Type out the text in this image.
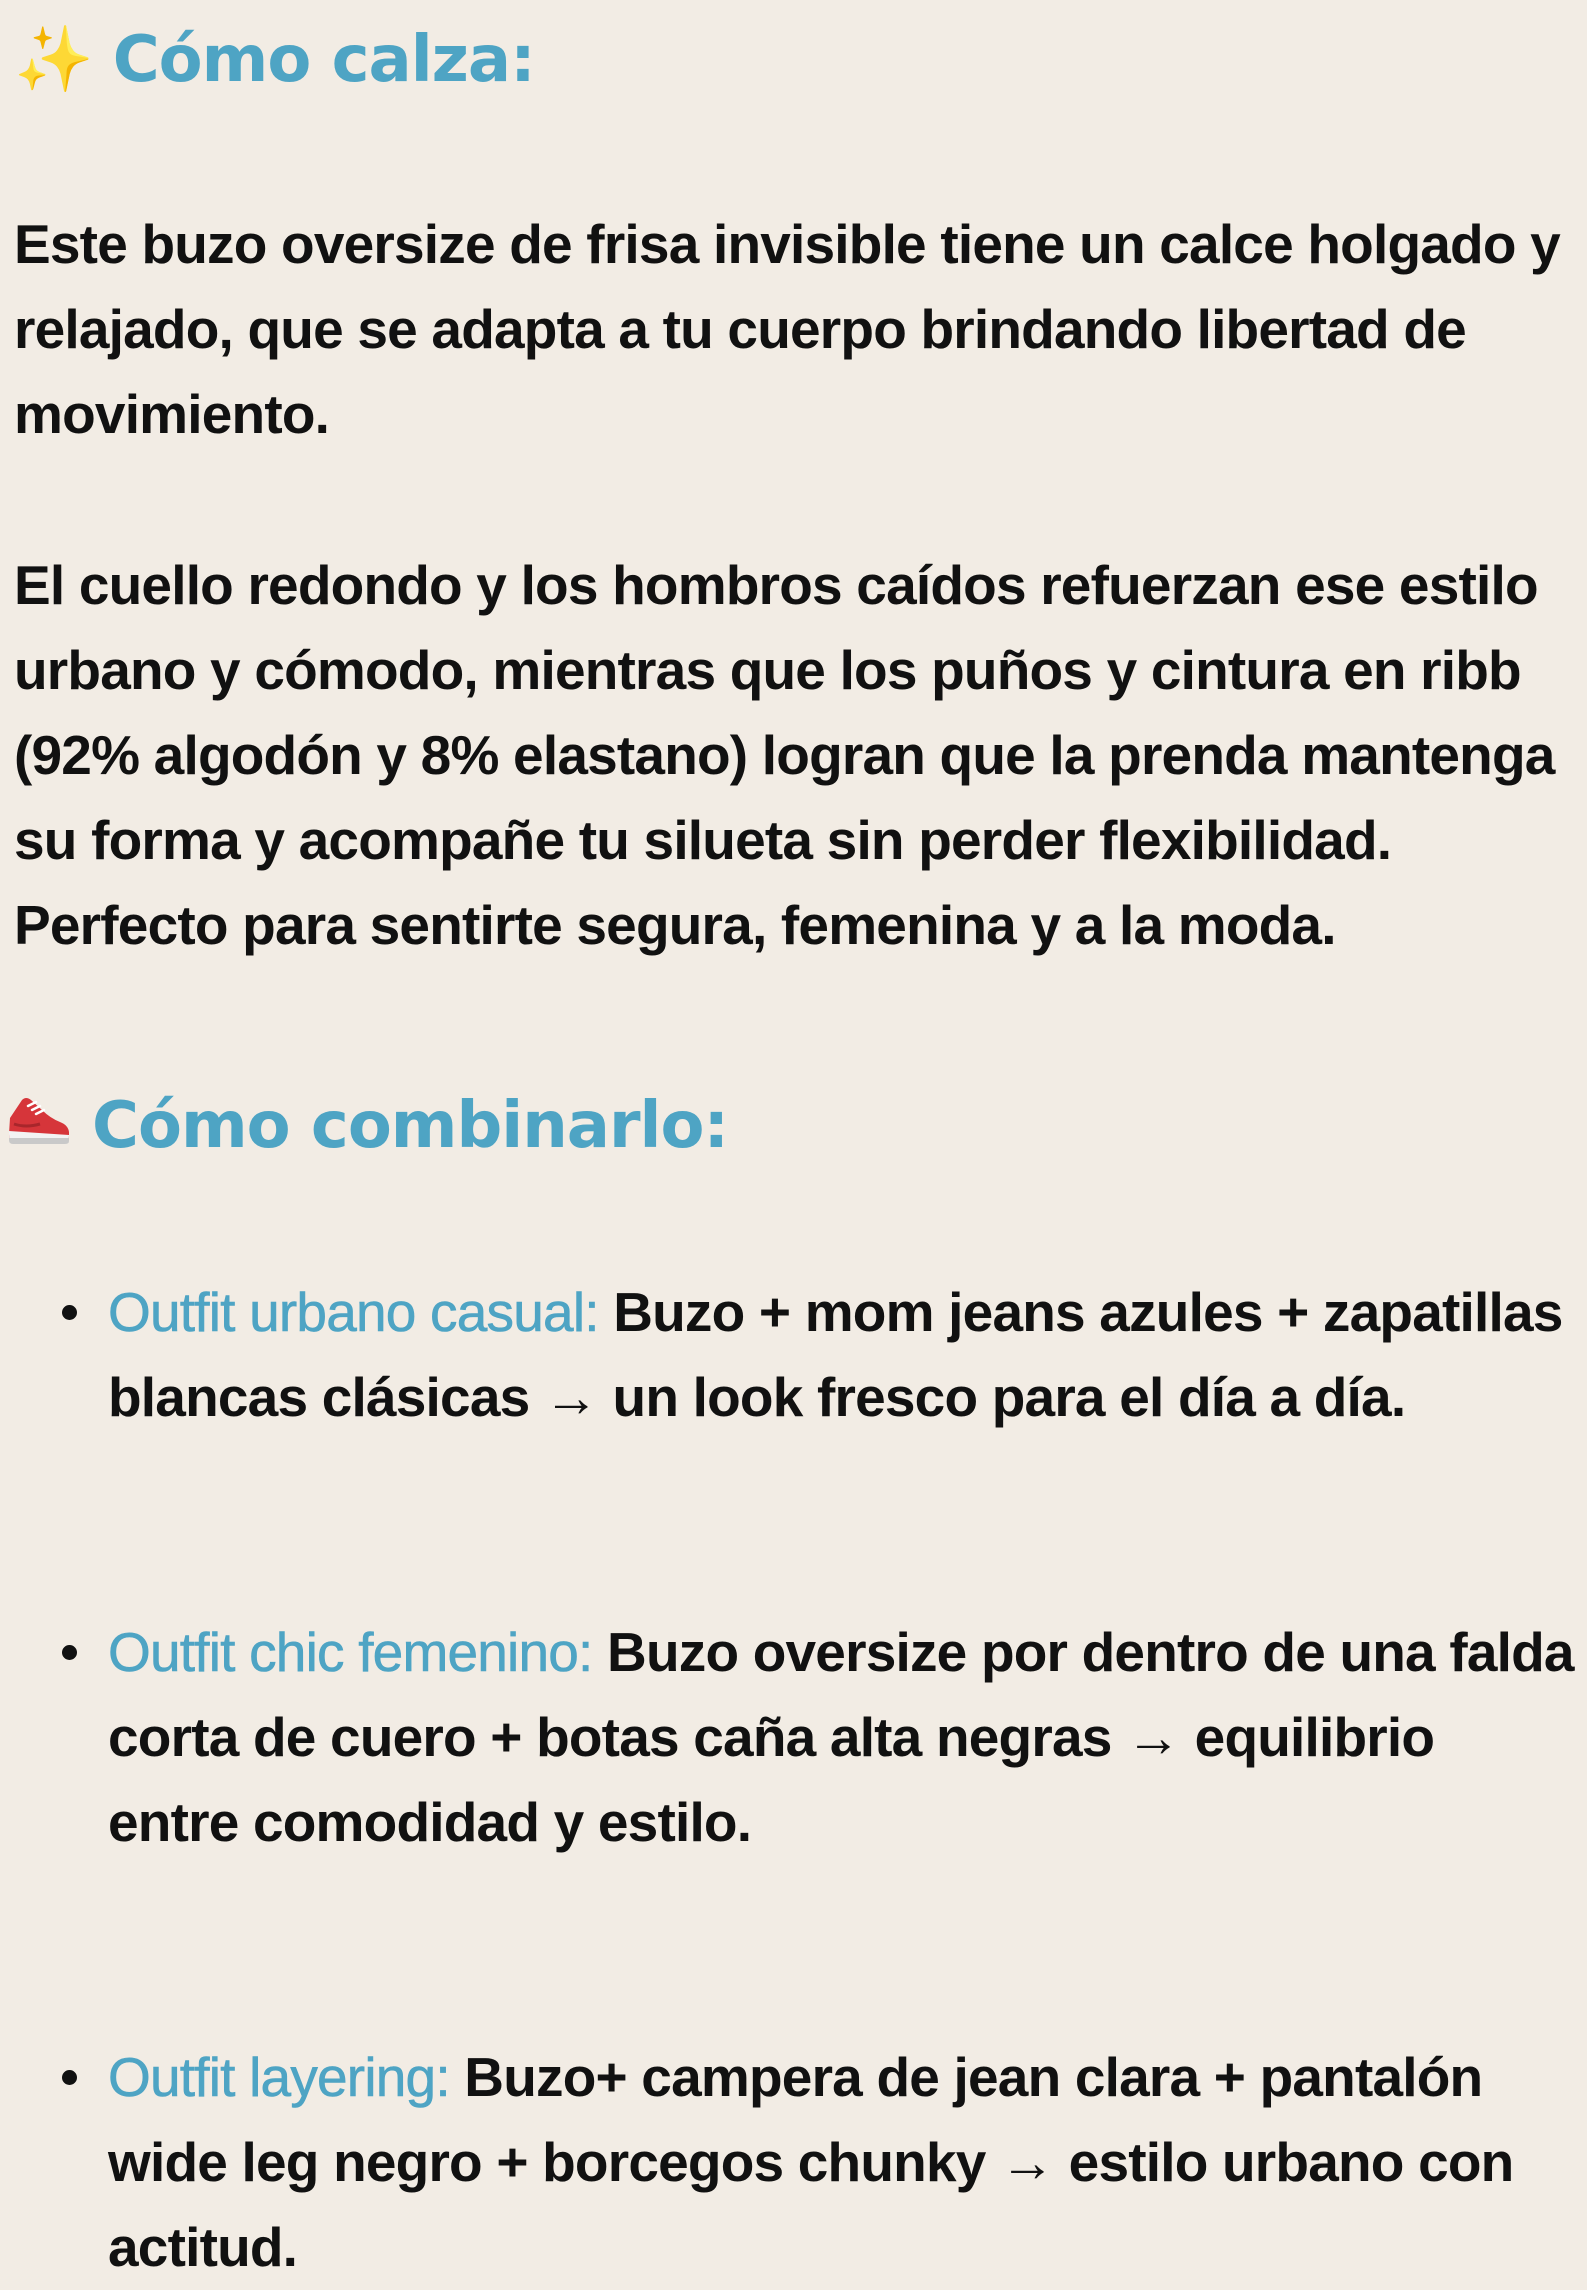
✨ Cómo calza:

Este buzo oversize de frisa invisible tiene un calce holgado y relajado, que se adapta a tu cuerpo brindando libertad de movimiento.

El cuello redondo y los hombros caídos refuerzan ese estilo urbano y cómodo, mientras que los puños y cintura en ribb (92% algodón y 8% elastano) logran que la prenda mantenga su forma y acompañe tu silueta sin perder flexibilidad. Perfecto para sentirte segura, femenina y a la moda.

Cómo combinarlo:
Outfit urbano casual: Buzo + mom jeans azules + zapatillas blancas clásicas → un look fresco para el día a día.
Outfit chic femenino: Buzo oversize por dentro de una falda corta de cuero + botas caña alta negras → equilibrio entre comodidad y estilo.
Outfit layering: Buzo+ campera de jean clara + pantalón wide leg negro + borcegos chunky → estilo urbano con actitud.
